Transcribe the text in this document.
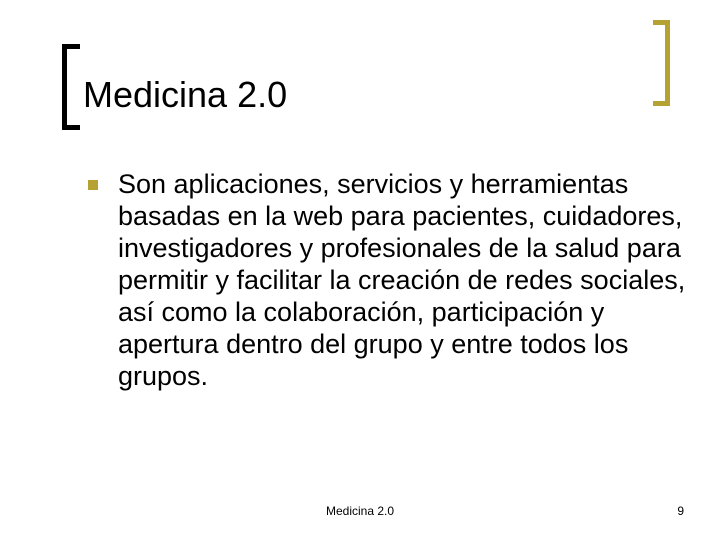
Medicina 2.0
Son aplicaciones, servicios y herramientas basadas en la web para pacientes, cuidadores, investigadores y profesionales de la salud para permitir y facilitar la creación de redes sociales, así como la colaboración, participación y apertura dentro del grupo y entre todos los grupos.
Medicina 2.0	9
